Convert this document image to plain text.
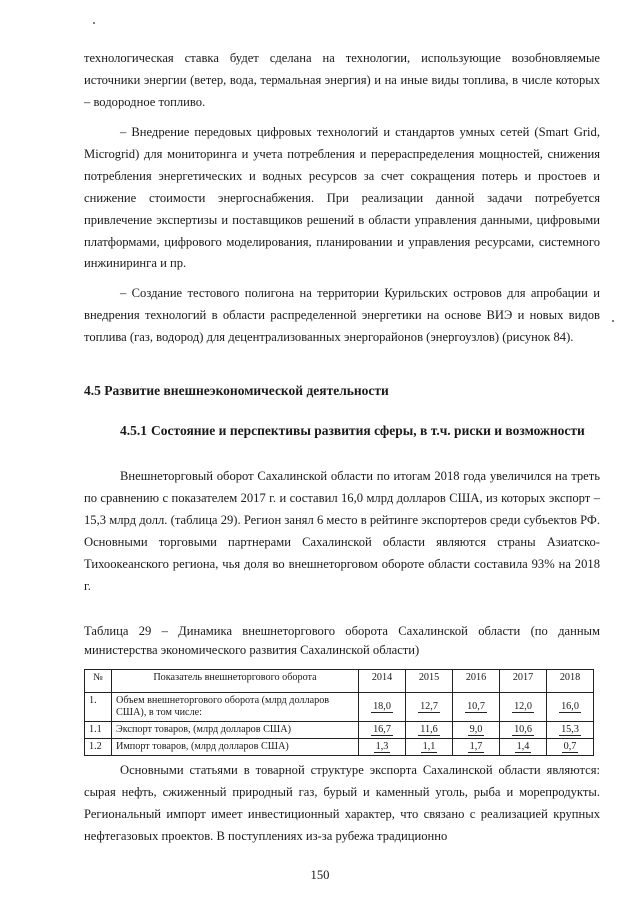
технологическая ставка будет сделана на технологии, использующие возобновляемые источники энергии (ветер, вода, термальная энергия) и на иные виды топлива, в числе которых – водородное топливо.

– Внедрение передовых цифровых технологий и стандартов умных сетей (Smart Grid, Microgrid) для мониторинга и учета потребления и перераспределения мощностей, снижения потребления энергетических и водных ресурсов за счет сокращения потерь и простоев и снижение стоимости энергоснабжения. При реализации данной задачи потребуется привлечение экспертизы и поставщиков решений в области управления данными, цифровыми платформами, цифрового моделирования, планировании и управления ресурсами, системного инжиниринга и пр.

– Создание тестового полигона на территории Курильских островов для апробации и внедрения технологий в области распределенной энергетики на основе ВИЭ и новых видов топлива (газ, водород) для децентрализованных энергорайонов (энергоузлов) (рисунок 84).

4.5 Развитие внешнеэкономической деятельности
4.5.1 Состояние и перспективы развития сферы, в т.ч. риски и возможности

Внешнеторговый оборот Сахалинской области по итогам 2018 года увеличился на треть по сравнению с показателем 2017 г. и составил 16,0 млрд долларов США, из которых экспорт – 15,3 млрд долл. (таблица 29). Регион занял 6 место в рейтинге экспортеров среди субъектов РФ. Основными торговыми партнерами Сахалинской области являются страны Азиатско-Тихоокеанского региона, чья доля во внешнеторговом обороте области составила 93% на 2018 г.

Таблица 29 – Динамика внешнеторгового оборота Сахалинской области (по данным министерства экономического развития Сахалинской области)

№	Показатель внешнеторгового оборота	2014	2015	2016	2017	2018
1.	Объем внешнеторгового оборота (млрд долларов США), в том числе:	18,0	12,7	10,7	12,0	16,0
1.1	Экспорт товаров, (млрд долларов США)	16,7	11,6	9,0	10,6	15,3
1.2	Импорт товаров, (млрд долларов США)	1,3	1,1	1,7	1,4	0,7

Основными статьями в товарной структуре экспорта Сахалинской области являются: сырая нефть, сжиженный природный газ, бурый и каменный уголь, рыба и морепродукты. Региональный импорт имеет инвестиционный характер, что связано с реализацией крупных нефтегазовых проектов. В поступлениях из-за рубежа традиционно

150
